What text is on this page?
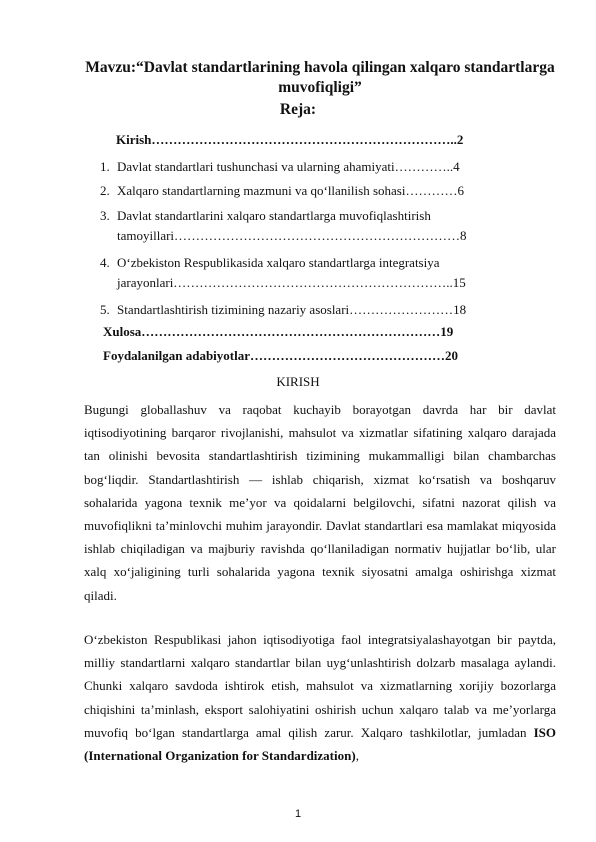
Mavzu:“Davlat standartlarining havola qilingan xalqaro standartlarga muvofiqligi”
Reja:
Kirish……………………………………………………………..2
1. Davlat standartlari tushunchasi va ularning ahamiyati…………..4
2. Xalqaro standartlarning mazmuni va qo‘llanilish sohasi…………6
3. Davlat standartlarini xalqaro standartlarga muvofiqlashtirish
tamoyillari…………………………………………………………8
4. O‘zbekiston Respublikasida xalqaro standartlarga integratsiya
jarayonlari………………………………………………………..15
5. Standartlashtirish tizimining nazariy asoslari……………………18
Xulosa……………………………………………………………19
Foydalanilgan adabiyotlar………………………………………20
KIRISH
Bugungi globallashuv va raqobat kuchayib borayotgan davrda har bir davlat iqtisodiyotining barqaror rivojlanishi, mahsulot va xizmatlar sifatining xalqaro darajada tan olinishi bevosita standartlashtirish tizimining mukammalligi bilan chambarchas bog‘liqdir. Standartlashtirish — ishlab chiqarish, xizmat ko‘rsatish va boshqaruv sohalarida yagona texnik me’yor va qoidalarni belgilovchi, sifatni nazorat qilish va muvofiqlikni ta’minlovchi muhim jarayondir. Davlat standartlari esa mamlakat miqyosida ishlab chiqiladigan va majburiy ravishda qo‘llaniladigan normativ hujjatlar bo‘lib, ular xalq xo‘jaligining turli sohalarida yagona texnik siyosatni amalga oshirishga xizmat qiladi.
O‘zbekiston Respublikasi jahon iqtisodiyotiga faol integratsiyalashayotgan bir paytda, milliy standartlarni xalqaro standartlar bilan uyg‘unlashtirish dolzarb masalaga aylandi. Chunki xalqaro savdoda ishtirok etish, mahsulot va xizmatlarning xorijiy bozorlarga chiqishini ta’minlash, eksport salohiyatini oshirish uchun xalqaro talab va me’yorlarga muvofiq bo‘lgan standartlarga amal qilish zarur. Xalqaro tashkilotlar, jumladan ISO (International Organization for Standardization),
1
